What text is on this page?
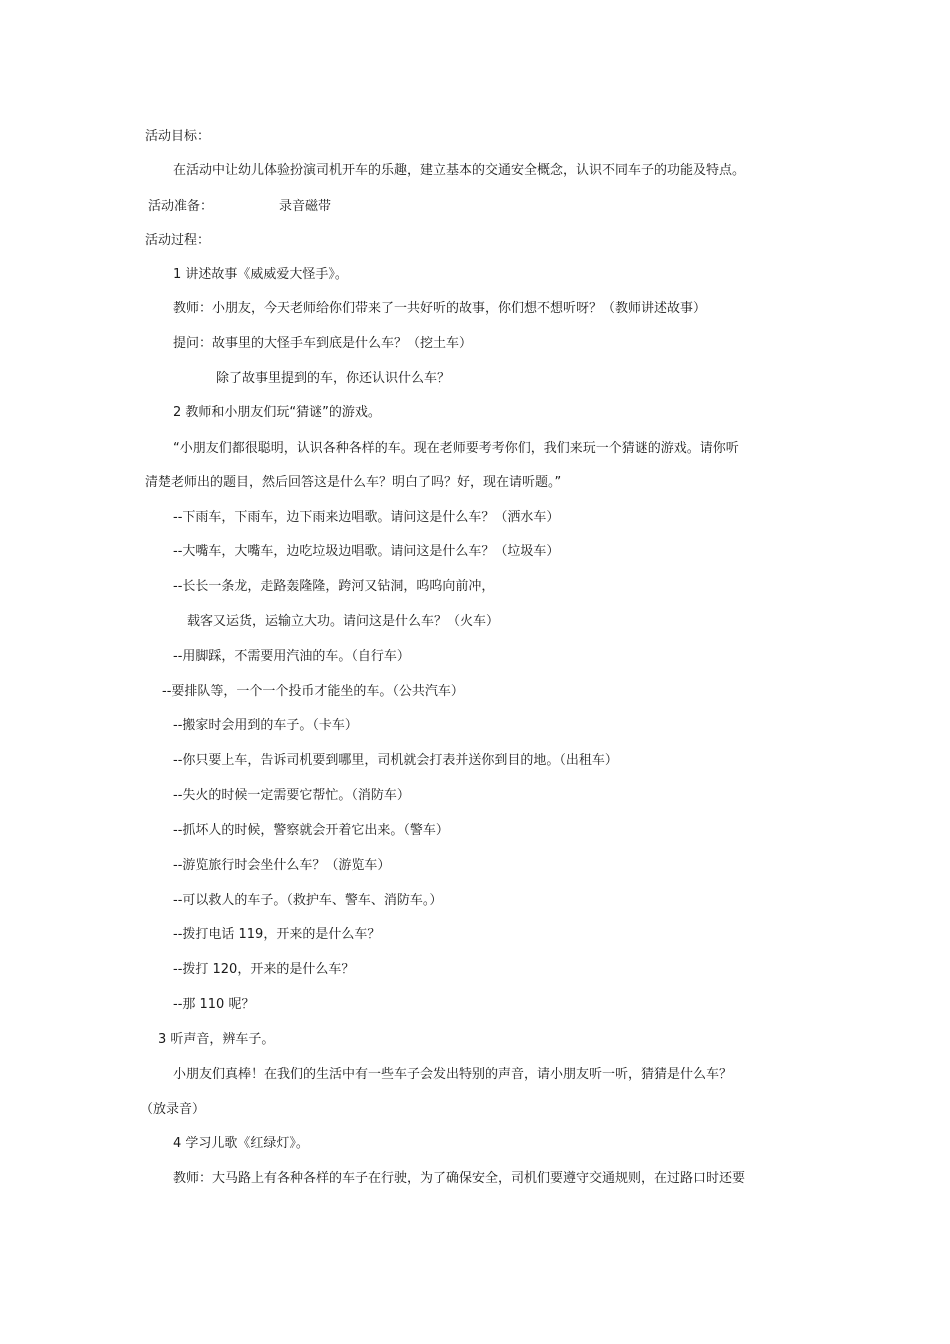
活动目标：
在活动中让幼儿体验扮演司机开车的乐趣，建立基本的交通安全概念，认识不同车子的功能及特点。
活动准备：	录音磁带
活动过程：
1 讲述故事《威威爱大怪手》。
教师：小朋友，今天老师给你们带来了一共好听的故事，你们想不想听呀？（教师讲述故事）
提问：故事里的大怪手车到底是什么车？（挖土车）
除了故事里提到的车，你还认识什么车？
2 教师和小朋友们玩“猜谜”的游戏。
“小朋友们都很聪明，认识各种各样的车。现在老师要考考你们，我们来玩一个猜谜的游戏。请你听
清楚老师出的题目，然后回答这是什么车？明白了吗？好，现在请听题。”
--下雨车，下雨车，边下雨来边唱歌。请问这是什么车？（洒水车）
--大嘴车，大嘴车，边吃垃圾边唱歌。请问这是什么车？（垃圾车）
--长长一条龙，走路轰隆隆，跨河又钻洞，呜呜向前冲，
载客又运货，运输立大功。请问这是什么车？（火车）
--用脚踩，不需要用汽油的车。（自行车）
--要排队等，一个一个投币才能坐的车。（公共汽车）
--搬家时会用到的车子。（卡车）
--你只要上车，告诉司机要到哪里，司机就会打表并送你到目的地。（出租车）
--失火的时候一定需要它帮忙。（消防车）
--抓坏人的时候，警察就会开着它出来。（警车）
--游览旅行时会坐什么车？（游览车）
--可以救人的车子。（救护车、警车、消防车。）
--拨打电话 119，开来的是什么车？
--拨打 120，开来的是什么车？
--那 110 呢？
3 听声音，辨车子。
小朋友们真棒！在我们的生活中有一些车子会发出特别的声音，请小朋友听一听，猜猜是什么车？
（放录音）
4 学习儿歌《红绿灯》。
教师：大马路上有各种各样的车子在行驶，为了确保安全，司机们要遵守交通规则，在过路口时还要
